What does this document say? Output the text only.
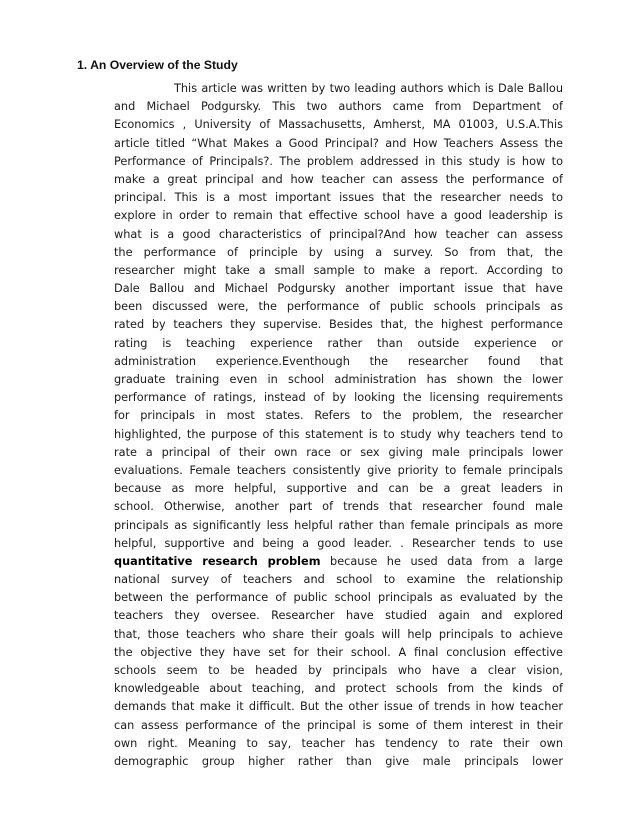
1. An Overview of the Study
This article was written by two leading authors which is Dale Ballou
and Michael Podgursky. This two authors came from Department of
Economics , University of Massachusetts, Amherst, MA 01003, U.S.A.This
article titled “What Makes a Good Principal? and How Teachers Assess the
Performance of Principals?. The problem addressed in this study is how to
make a great principal and how teacher can assess the performance of
principal. This is a most important issues that the researcher needs to
explore in order to remain that effective school have a good leadership is
what is a good characteristics of principal?And how teacher can assess
the performance of principle by using a survey. So from that, the
researcher might take a small sample to make a report. According to
Dale Ballou and Michael Podgursky another important issue that have
been discussed were, the performance of public schools principals as
rated by teachers they supervise. Besides that, the highest performance
rating is teaching experience rather than outside experience or
administration experience.Eventhough the researcher found that
graduate training even in school administration has shown the lower
performance of ratings, instead of by looking the licensing requirements
for principals in most states. Refers to the problem, the researcher
highlighted, the purpose of this statement is to study why teachers tend to
rate a principal of their own race or sex giving male principals lower
evaluations. Female teachers consistently give priority to female principals
because as more helpful, supportive and can be a great leaders in
school. Otherwise, another part of trends that researcher found male
principals as significantly less helpful rather than female principals as more
helpful, supportive and being a good leader. . Researcher tends to use
quantitative research problem because he used data from a large
national survey of teachers and school to examine the relationship
between the performance of public school principals as evaluated by the
teachers they oversee. Researcher have studied again and explored
that, those teachers who share their goals will help principals to achieve
the objective they have set for their school. A final conclusion effective
schools seem to be headed by principals who have a clear vision,
knowledgeable about teaching, and protect schools from the kinds of
demands that make it difficult. But the other issue of trends in how teacher
can assess performance of the principal is some of them interest in their
own right. Meaning to say, teacher has tendency to rate their own
demographic group higher rather than give male principals lower
